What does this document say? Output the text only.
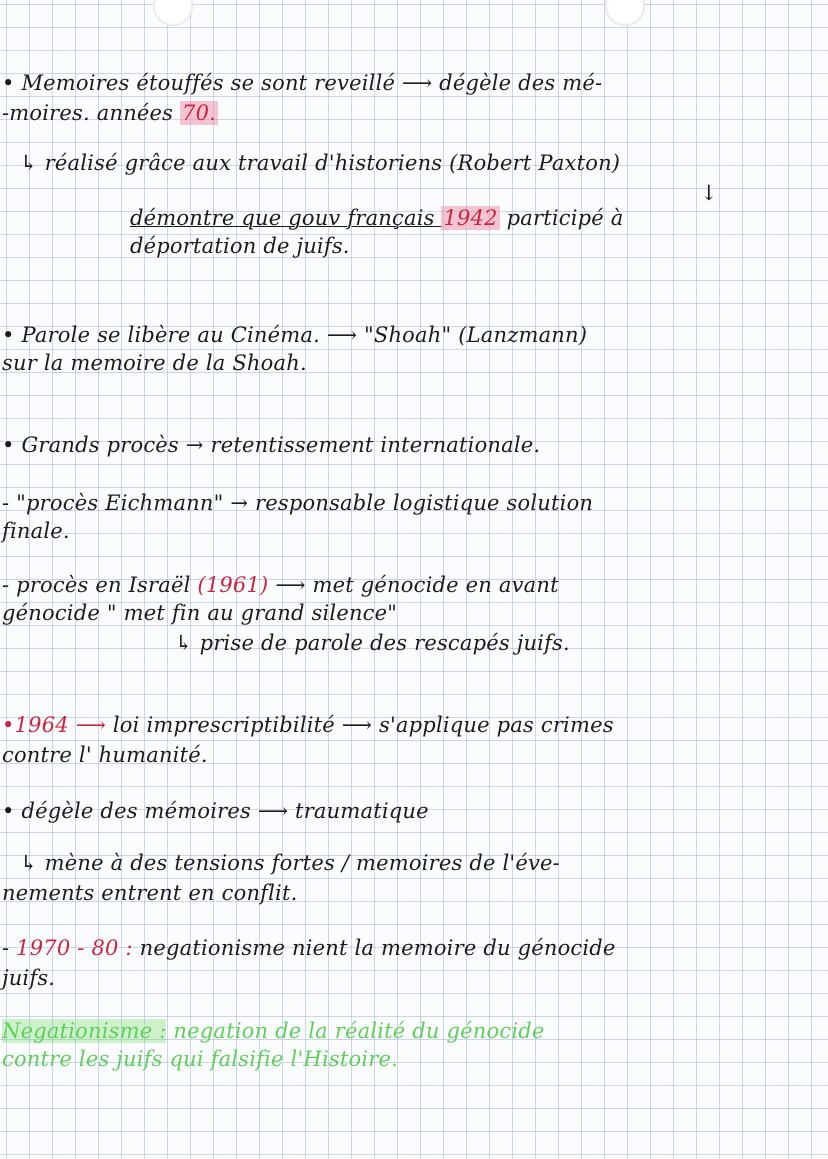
• Memoires étouffés se sont reveillé ⟶ dégèle des mé-
-moires. années 70.
↳ réalisé grâce aux travail d'historiens (Robert Paxton)
↓
démontre que gouv français 1942 participé à
déportation de juifs.
• Parole se libère au Cinéma. ⟶ "Shoah" (Lanzmann)
sur la memoire de la Shoah.
• Grands procès → retentissement internationale.
- "procès Eichmann" → responsable logistique solution
finale.
- procès en Israël (1961) ⟶ met génocide en avant
génocide " met fin au grand silence"
↳ prise de parole des rescapés juifs.
•1964 ⟶ loi imprescriptibilité ⟶ s'applique pas crimes
contre l' humanité.
• dégèle des mémoires ⟶ traumatique
↳ mène à des tensions fortes / memoires de l'éve-
nements entrent en conflit.
- 1970 - 80 : negationisme nient la memoire du génocide
juifs.
Negationisme : negation de la réalité du génocide
contre les juifs qui falsifie l'Histoire.
